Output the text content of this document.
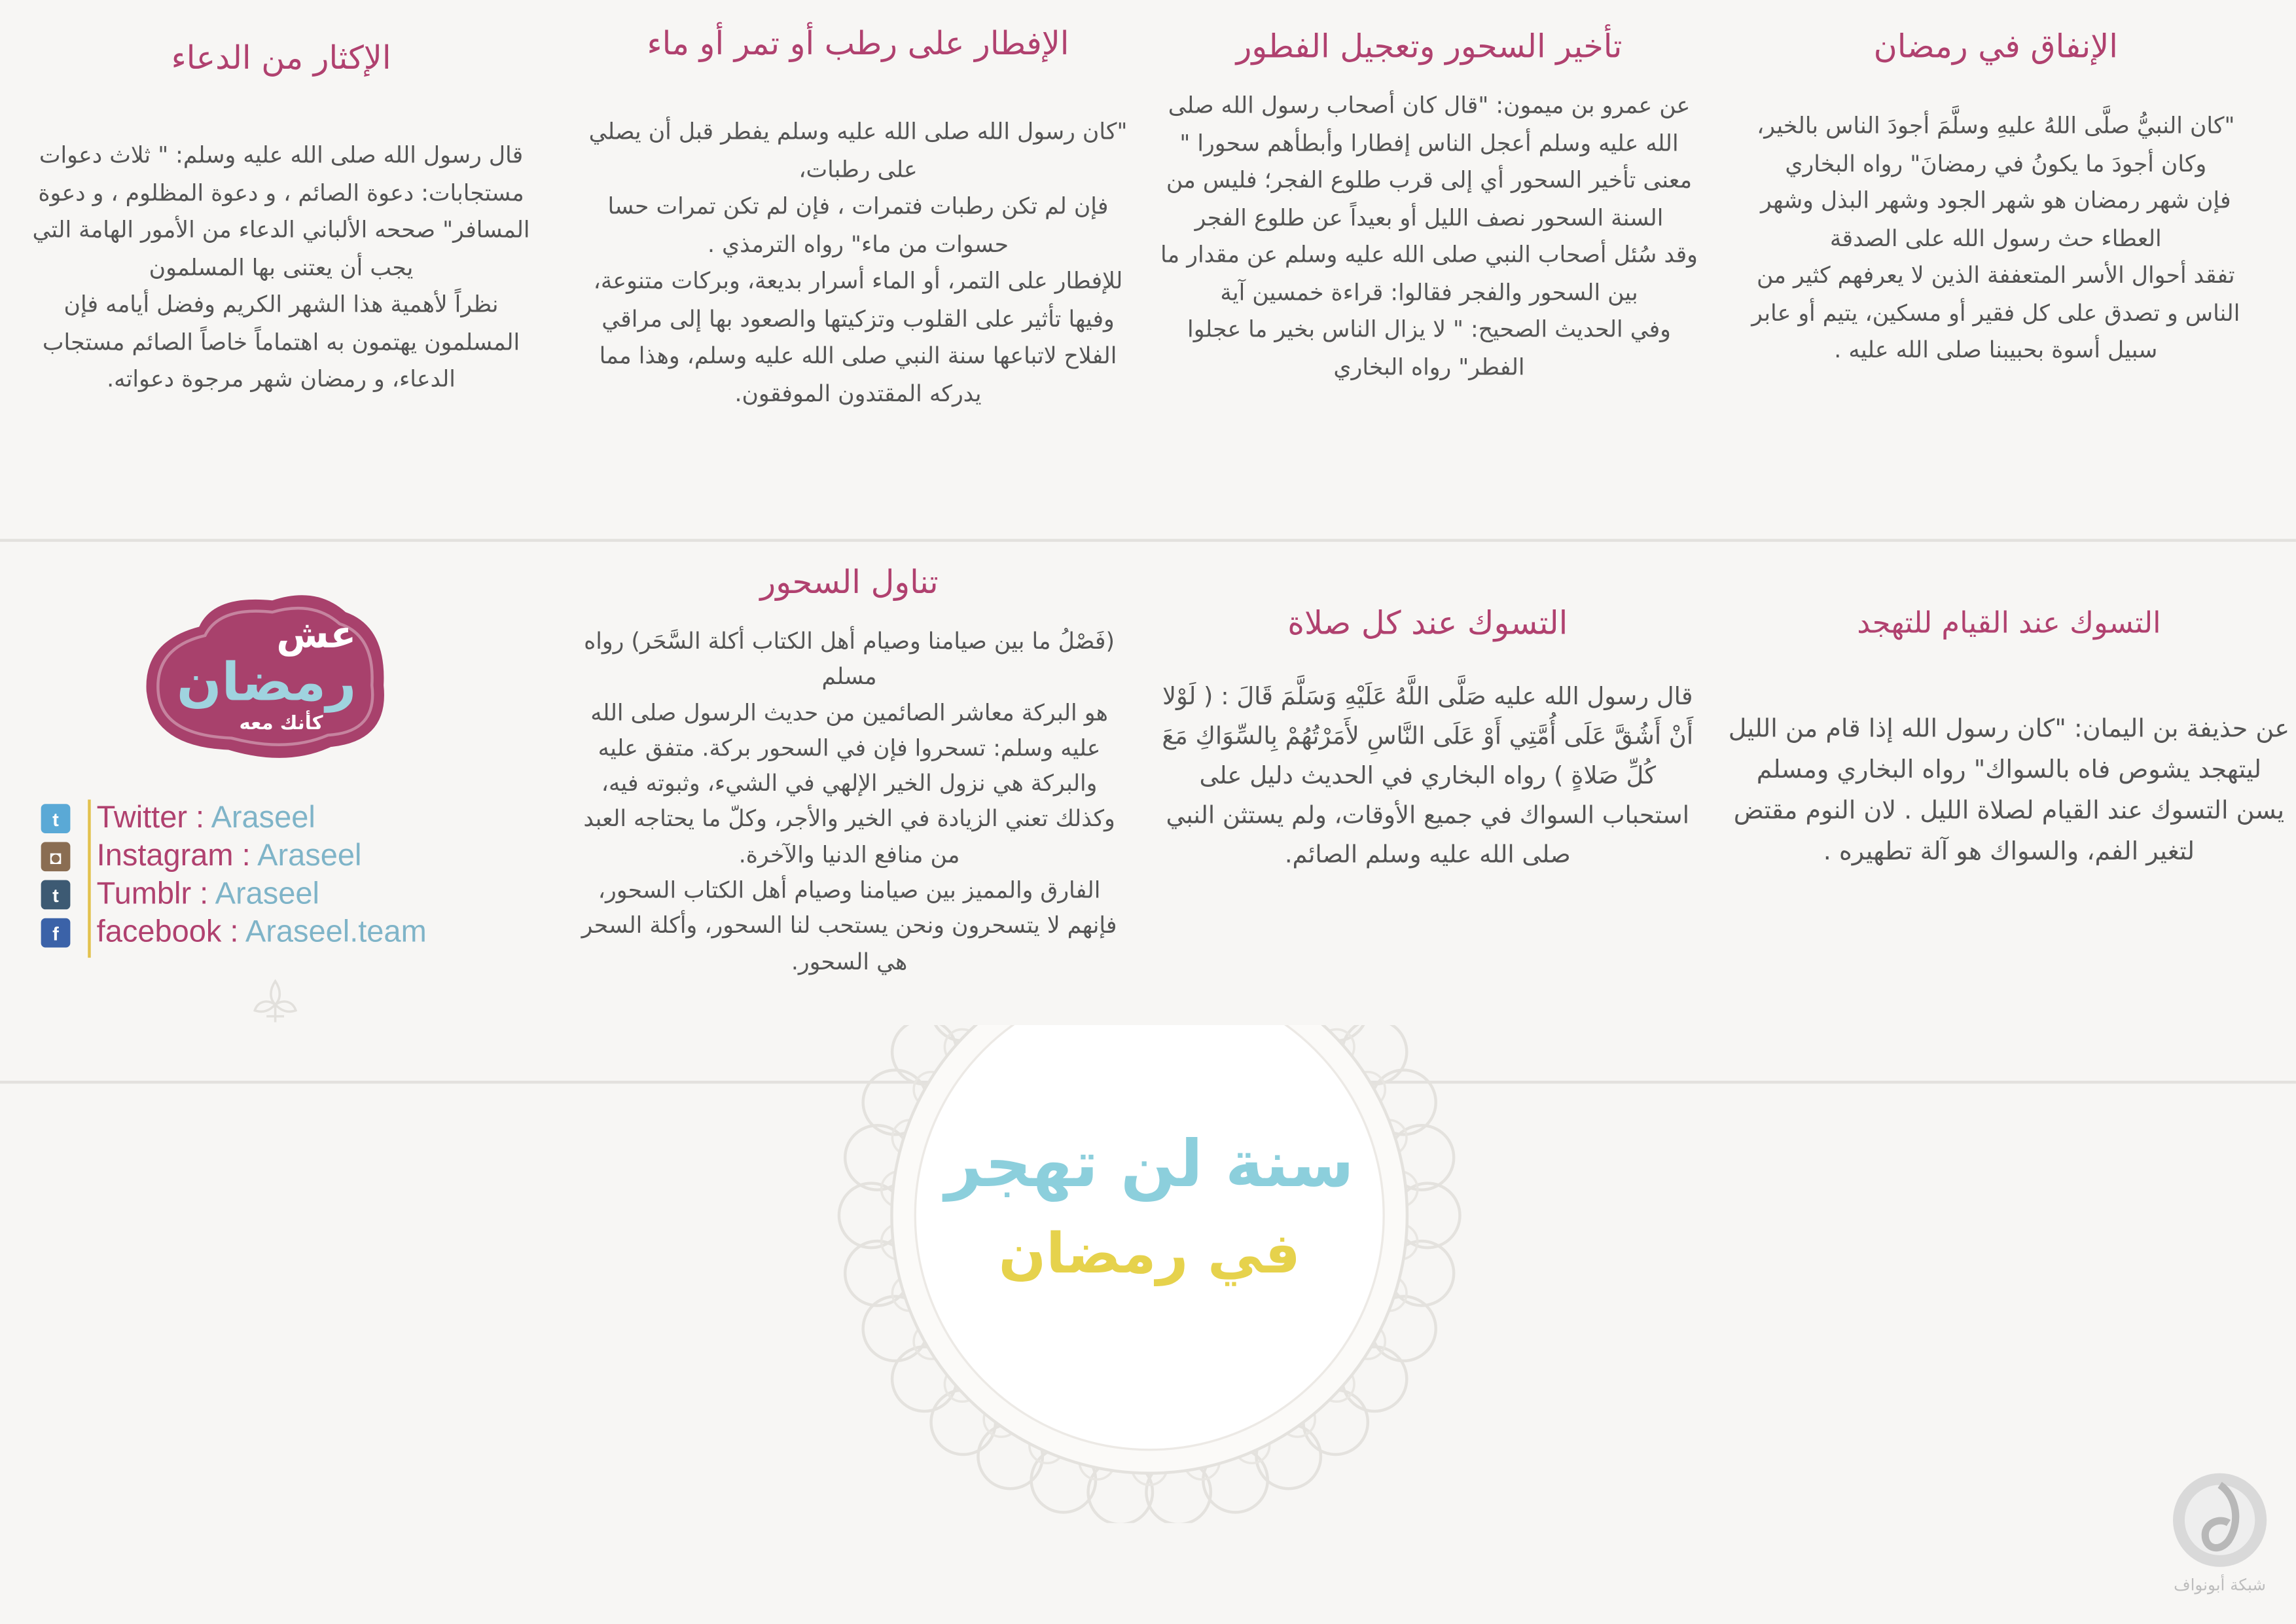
الإنفاق في رمضان

"كان النبيُّ صلَّى اللهُ عليهِ وسلَّمَ أجودَ الناس بالخير، وكان أجودَ ما يكونُ في رمضانَ" رواه البخاري

فإن شهر رمضان هو شهر الجود وشهر البذل وشهر العطاء حث رسول الله على الصدقة

تفقد أحوال الأسر المتعففة الذين لا يعرفهم كثير من الناس و تصدق على كل فقير أو مسكين، يتيم أو عابر سبيل أسوة بحبيبنا صلى الله عليه .

تأخير السحور وتعجيل الفطور

عن عمرو بن ميمون: "قال كان أصحاب رسول الله صلى الله عليه وسلم أعجل الناس إفطارا وأبطأهم سحورا "

معنى تأخير السحور أي إلى قرب طلوع الفجر؛ فليس من السنة السحور نصف الليل أو بعيداً عن طلوع الفجر

وقد سُئل أصحاب النبي صلى الله عليه وسلم عن مقدار ما بين السحور والفجر فقالوا: قراءة خمسين آية

وفي الحديث الصحيح: " لا يزال الناس بخير ما عجلوا الفطر" رواه البخاري

الإفطار على رطب أو تمر أو ماء

"كان رسول الله صلى الله عليه وسلم يفطر قبل أن يصلي على رطبات،

فإن لم تكن رطبات فتمرات ، فإن لم تكن تمرات حسا حسوات من ماء" رواه الترمذي .

للإفطار على التمر، أو الماء أسرار بديعة، وبركات متنوعة، وفيها تأثير على القلوب وتزكيتها والصعود بها إلى مراقي الفلاح لاتباعها سنة النبي صلى الله عليه وسلم، وهذا مما يدركه المقتدون الموفقون.

الإكثار من الدعاء

قال رسول الله صلى الله عليه وسلم: " ثلاث دعوات مستجابات: دعوة الصائم ، و دعوة المظلوم ، و دعوة المسافر" صححه الألباني الدعاء من الأمور الهامة التي يجب أن يعتنى بها المسلمون

نظراً لأهمية هذا الشهر الكريم وفضل أيامه فإن المسلمون يهتمون به اهتماماً خاصاً الصائم مستجاب الدعاء، و رمضان شهر مرجوة دعواته.

التسوك عند القيام للتهجد

عن حذيفة بن اليمان: "كان رسول الله إذا قام من الليل ليتهجد يشوص فاه بالسواك" رواه البخاري ومسلم

يسن التسوك عند القيام لصلاة الليل . لان النوم مقتض لتغير الفم، والسواك هو آلة تطهيره .

التسوك عند كل صلاة

قال رسول الله عليه صَلَّى اللَّهُ عَلَيْهِ وَسَلَّمَ قَالَ : ( لَوْلا أَنْ أَشُقَّ عَلَى أُمَّتِي أَوْ عَلَى النَّاسِ لأَمَرْتُهُمْ بِالسِّوَاكِ مَعَ كُلِّ صَلاةٍ ) رواه البخاري في الحديث دليل على استحباب السواك في جميع الأوقات، ولم يستثن النبي صلى الله عليه وسلم الصائم.

تناول السحور

(فَصْلُ ما بين صيامنا وصيام أهل الكتاب أكلة السَّحَر) رواه مسلم

هو البركة معاشر الصائمين من حديث الرسول صلى الله عليه وسلم: تسحروا فإن في السحور بركة. متفق عليه

والبركة هي نزول الخير الإلهي في الشيء، وثبوته فيه، وكذلك تعني الزيادة في الخير والأجر، وكلّ ما يحتاجه العبد من منافع الدنيا والآخرة.

الفارق والمميز بين صيامنا وصيام أهل الكتاب السحور، فإنهم لا يتسحرون ونحن يستحب لنا السحور، وأكلة السحر هي السحور.

عش
رمضان
كأنك معه
t	Twitter : Araseel
◘	Instagram : Araseel
t	Tumblr : Araseel
f	facebook : Araseel.team
سنة لن تهجر
في رمضان
شبكة أبونواف
